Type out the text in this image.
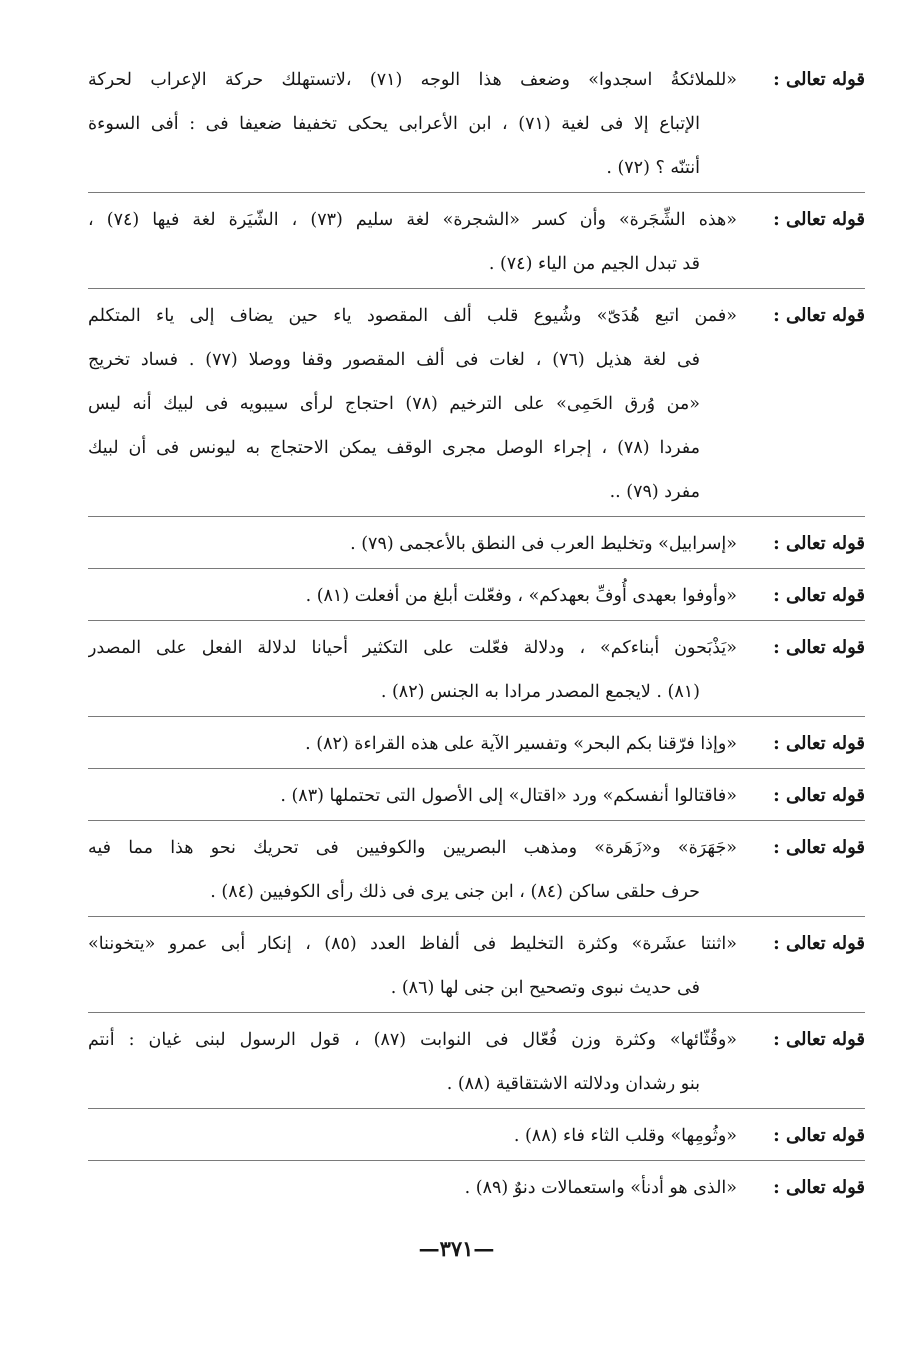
قوله تعالى :
«للملائكةُ اسجدوا» وضعف هذا الوجه (٧١) ،لاتستهلك حركة الإعراب لحركة
الإتباع إلا فى لغية (٧١) ، ابن الأعرابى يحكى تخفيفا ضعيفا فى : أفى السوءة
أنتنّه ؟ (٧٢) .
قوله تعالى :
«هذه الشِّجَرة» وأن كسر «الشجرة» لغة سليم (٧٣) ، الشّيَرة لغة فيها (٧٤) ،
قد تبدل الجيم من الياء (٧٤) .
قوله تعالى :
«فمن اتبع هُدَىّ» وشُيوع قلب ألف المقصود ياء حين يضاف إلى ياء المتكلم
فى لغة هذيل (٧٦) ، لغات فى ألف المقصور وقفا ووصلا (٧٧) . فساد تخريج
«من وُرق الحَمِى» على الترخيم (٧٨) احتجاج لرأى سيبويه فى لبيك أنه ليس
مفردا (٧٨) ، إجراء الوصل مجرى الوقف يمكن الاحتجاج به ليونس فى أن لبيك
مفرد (٧٩) ..
قوله تعالى :
«إسرابيل» وتخليط العرب فى النطق بالأعجمى (٧٩) .
قوله تعالى :
«وأوفوا بعهدى أُوفِّ بعهدكم» ، وفعّلت أبلغ من أفعلت (٨١) .
قوله تعالى :
«يَذْبَحون أبناءكم» ، ودلالة فعّلت على التكثير أحيانا لدلالة الفعل على المصدر
(٨١) . لايجمع المصدر مرادا به الجنس (٨٢) .
قوله تعالى :
«وإذا فرّقنا بكم البحر» وتفسير الآية على هذه القراءة (٨٢) .
قوله تعالى :
«فاقتالوا أنفسكم» ورد «اقتال» إلى الأصول التى تحتملها (٨٣) .
قوله تعالى :
«جَهَرَة» و«زَهَرة» ومذهب البصريين والكوفيين فى تحريك نحو هذا مما فيه
حرف حلقى ساكن (٨٤) ، ابن جنى يرى فى ذلك رأى الكوفيين (٨٤) .
قوله تعالى :
«اثنتا عشَرة» وكثرة التخليط فى ألفاظ العدد (٨٥) ، إنكار أبى عمرو «يتخوننا»
فى حديث نبوى وتصحيح ابن جنى لها (٨٦) .
قوله تعالى :
«وقُثّائها» وكثرة وزن فُعّال فى النوابت (٨٧) ، قول الرسول لبنى غيان : أنتم
بنو رشدان ودلالته الاشتقاقية (٨٨) .
قوله تعالى :
«وثُومِها» وقلب الثاء فاء (٨٨) .
قوله تعالى :
«الذى هو أدنأ» واستعمالات دنوٌ (٨٩) .
—٣٧١—
